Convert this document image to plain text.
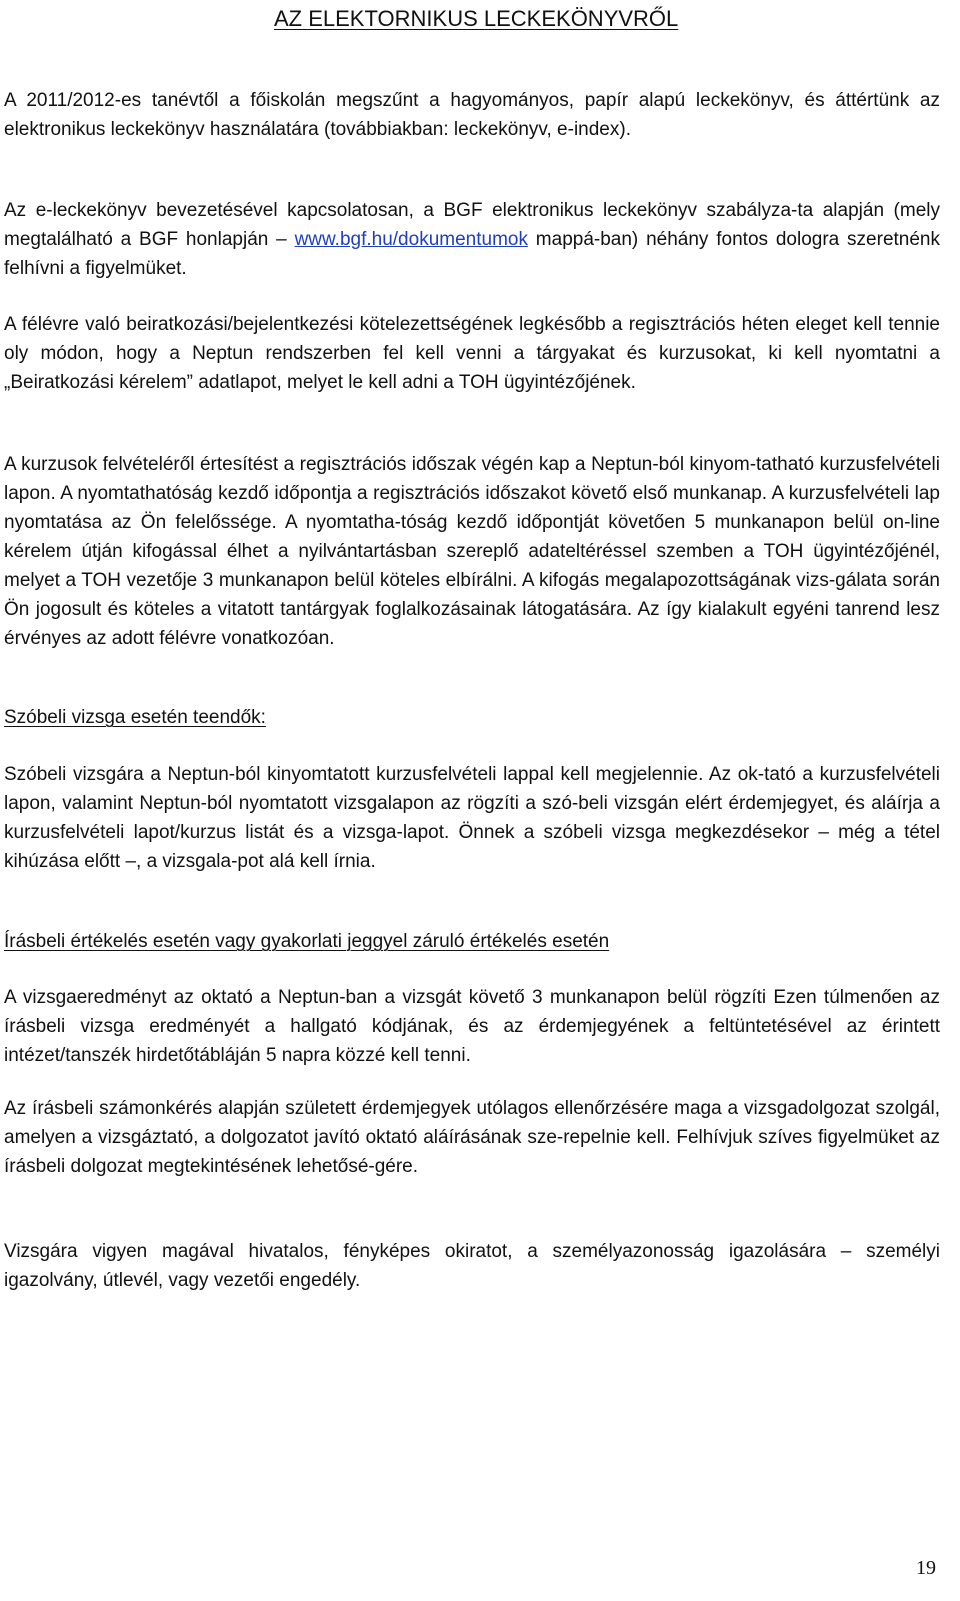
AZ ELEKTORNIKUS LECKEKÖNYVRŐL

A 2011/2012-es tanévtől a főiskolán megszűnt a hagyományos, papír alapú leckekönyv, és áttértünk az elektronikus leckekönyv használatára (továbbiakban: leckekönyv, e-index).

Az e-leckekönyv bevezetésével kapcsolatosan, a BGF elektronikus leckekönyv szabályza-ta alapján (mely megtalálható a BGF honlapján – www.bgf.hu/dokumentumok mappá-ban) néhány fontos dologra szeretnénk felhívni a figyelmüket.

A félévre való beiratkozási/bejelentkezési kötelezettségének legkésőbb a regisztrációs héten eleget kell tennie oly módon, hogy a Neptun rendszerben fel kell venni a tárgyakat és kurzusokat, ki kell nyomtatni a „Beiratkozási kérelem” adatlapot, melyet le kell adni a TOH ügyintézőjének.

A kurzusok felvételéről értesítést a regisztrációs időszak végén kap a Neptun-ból kinyom-tatható kurzusfelvételi lapon. A nyomtathatóság kezdő időpontja a regisztrációs időszakot követő első munkanap. A kurzusfelvételi lap nyomtatása az Ön felelőssége. A nyomtatha-tóság kezdő időpontját követően 5 munkanapon belül on-line kérelem útján kifogással élhet a nyilvántartásban szereplő adateltéréssel szemben a TOH ügyintézőjénél, melyet a TOH vezetője 3 munkanapon belül köteles elbírálni. A kifogás megalapozottságának vizs-gálata során Ön jogosult és köteles a vitatott tantárgyak foglalkozásainak látogatására. Az így kialakult egyéni tanrend lesz érvényes az adott félévre vonatkozóan.

Szóbeli vizsga esetén teendők:

Szóbeli vizsgára a Neptun-ból kinyomtatott kurzusfelvételi lappal kell megjelennie. Az ok-tató a kurzusfelvételi lapon, valamint Neptun-ból nyomtatott vizsgalapon az rögzíti a szó-beli vizsgán elért érdemjegyet, és aláírja a kurzusfelvételi lapot/kurzus listát és a vizsga-lapot. Önnek a szóbeli vizsga megkezdésekor – még a tétel kihúzása előtt –, a vizsgala-pot alá kell írnia.

Írásbeli értékelés esetén vagy gyakorlati jeggyel záruló értékelés esetén

A vizsgaeredményt az oktató a Neptun-ban a vizsgát követő 3 munkanapon belül rögzíti Ezen túlmenően az írásbeli vizsga eredményét a hallgató kódjának, és az érdemjegyének a feltüntetésével az érintett intézet/tanszék hirdetőtábláján 5 napra közzé kell tenni.

Az írásbeli számonkérés alapján született érdemjegyek utólagos ellenőrzésére maga a vizsgadolgozat szolgál, amelyen a vizsgáztató, a dolgozatot javító oktató aláírásának sze-repelnie kell. Felhívjuk szíves figyelmüket az írásbeli dolgozat megtekintésének lehetősé-gére.

Vizsgára vigyen magával hivatalos, fényképes okiratot, a személyazonosság igazolására – személyi igazolvány, útlevél, vagy vezetői engedély.

19
